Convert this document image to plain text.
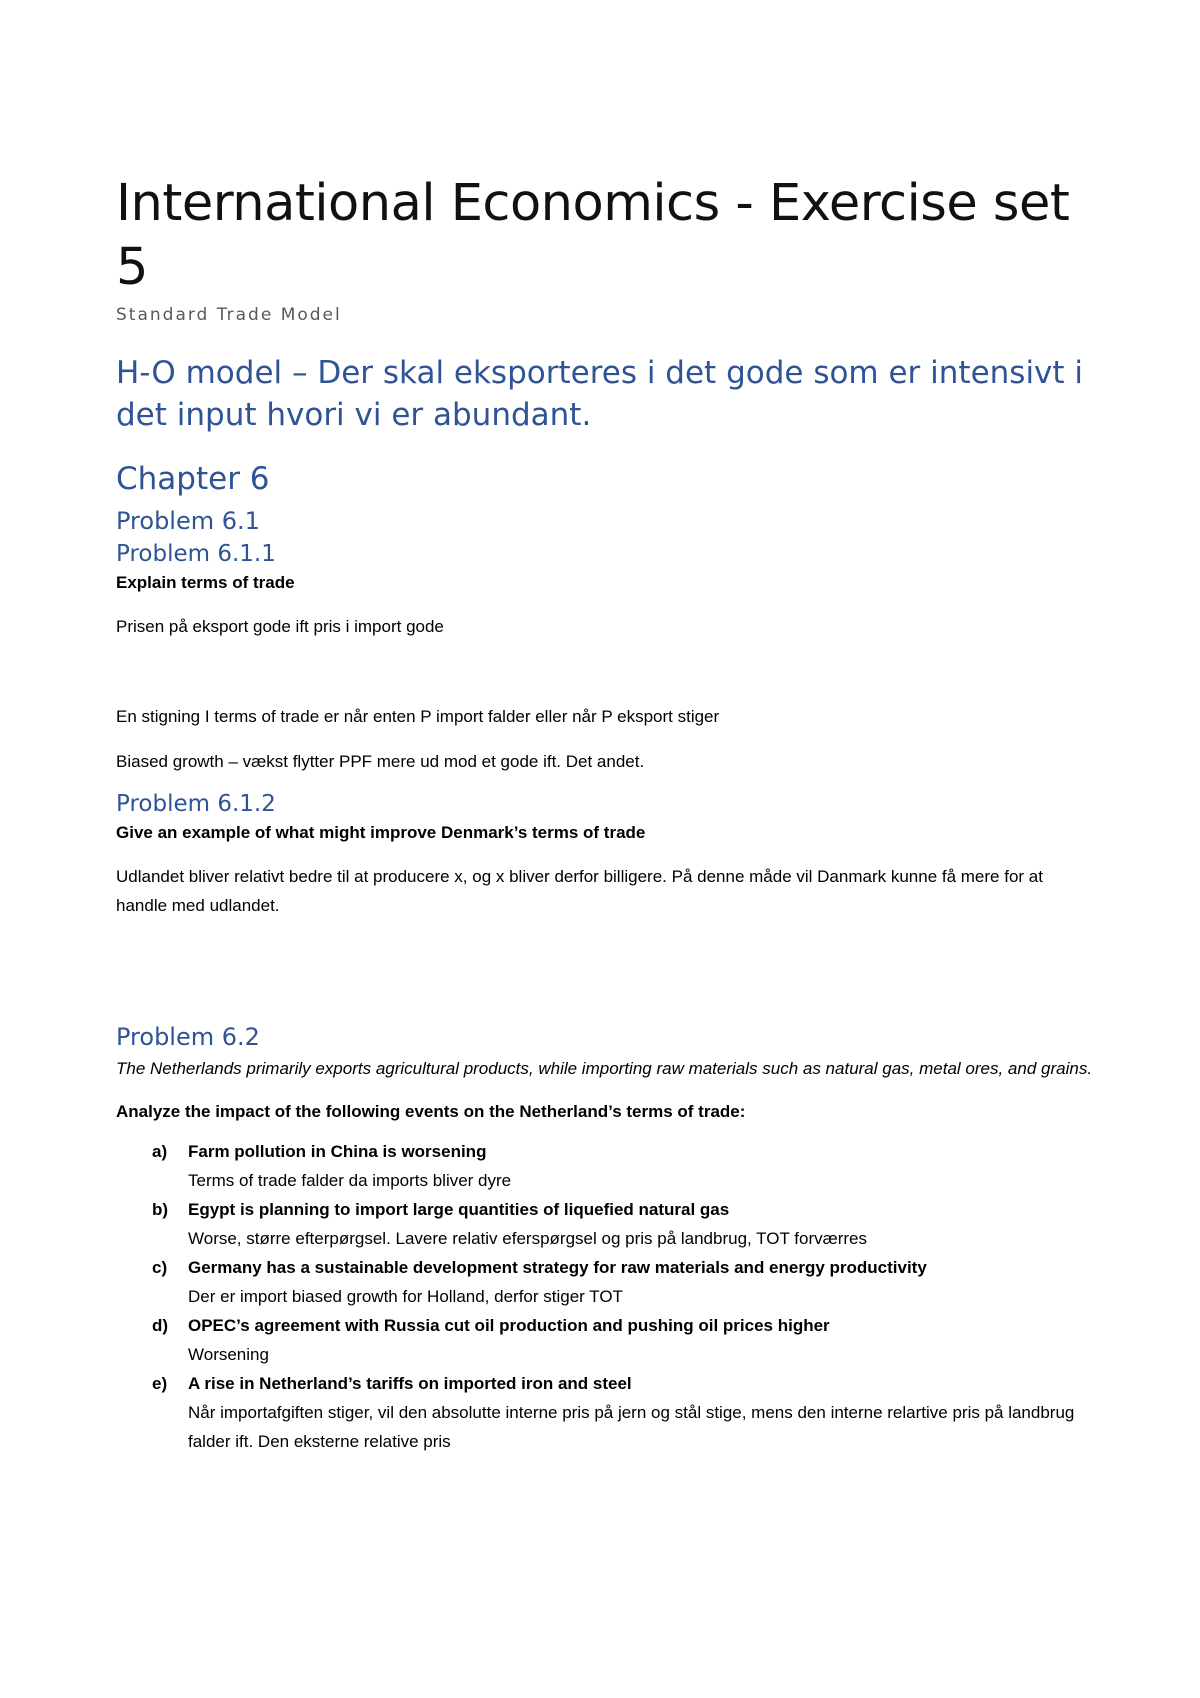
International Economics - Exercise set 5
Standard Trade Model
H-O model – Der skal eksporteres i det gode som er intensivt i det input hvori vi er abundant.
Chapter 6
Problem 6.1
Problem 6.1.1
Explain terms of trade

Prisen på eksport gode ift pris i import gode

En stigning I terms of trade er når enten P import falder eller når P eksport stiger

Biased growth – vækst flytter PPF mere ud mod et gode ift. Det andet.

Problem 6.1.2
Give an example of what might improve Denmark’s terms of trade

Udlandet bliver relativt bedre til at producere x, og x bliver derfor billigere. På denne måde vil Danmark kunne få mere for at handle med udlandet.

Problem 6.2

The Netherlands primarily exports agricultural products, while importing raw materials such as natural gas, metal ores, and grains.

Analyze the impact of the following events on the Netherland’s terms of trade:
a) Farm pollution in China is worsening
Terms of trade falder da imports bliver dyre
b) Egypt is planning to import large quantities of liquefied natural gas
Worse, større efterpørgsel. Lavere relativ eferspørgsel og pris på landbrug, TOT forværres
c) Germany has a sustainable development strategy for raw materials and energy productivity
Der er import biased growth for Holland, derfor stiger TOT
d) OPEC’s agreement with Russia cut oil production and pushing oil prices higher
Worsening
e) A rise in Netherland’s tariffs on imported iron and steel
Når importafgiften stiger, vil den absolutte interne pris på jern og stål stige, mens den interne relartive pris på landbrug falder ift. Den eksterne relative pris
